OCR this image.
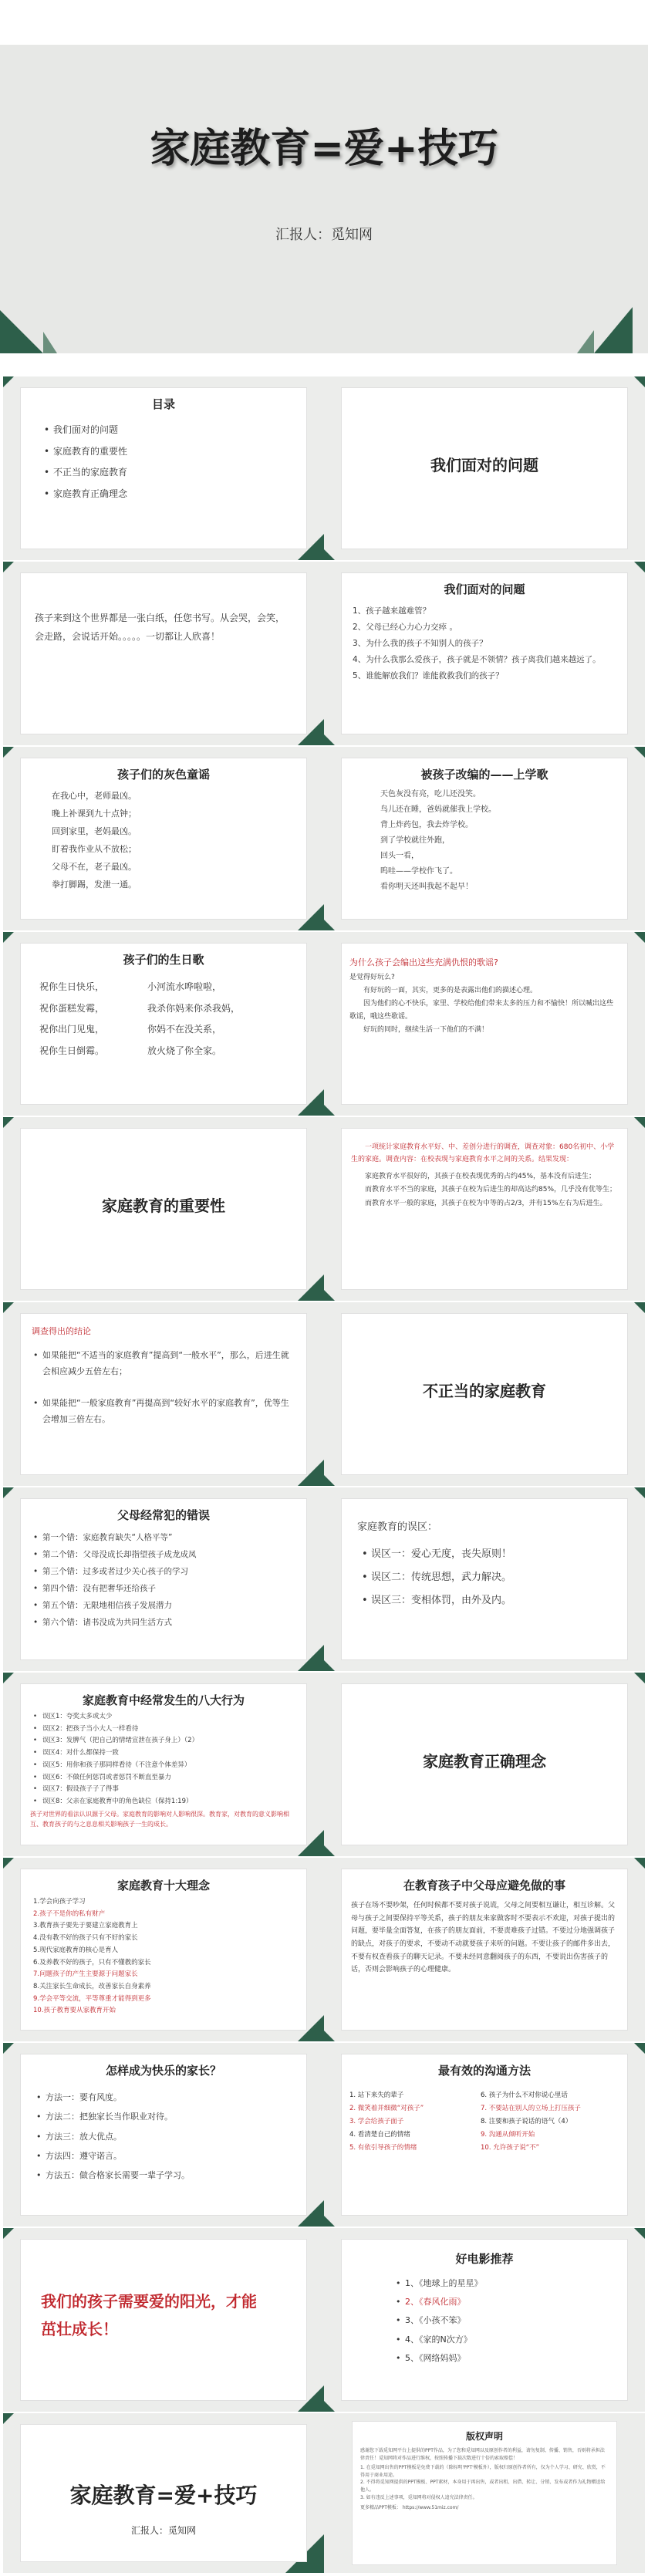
家庭教育=爱+技巧
汇报人：觅知网
目录
• 我们面对的问题
• 家庭教育的重要性
• 不正当的家庭教育
• 家庭教育正确理念
我们面对的问题
孩子来到这个世界都是一张白纸，任您书写。从会哭，会笑，会走路，会说话开始。。。。。一切都让人欣喜！
我们面对的问题
1、孩子越来越难管？
2、父母已经心力心力交瘁 。
3、为什么我的孩子不知别人的孩子？
4、为什么我那么爱孩子，孩子就是不领情？孩子离我们越来越远了。
5、谁能解放我们？谁能救救我们的孩子？
孩子们的灰色童谣
在我心中，老师最凶。
晚上补课到九十点钟；
回到家里，老妈最凶。
盯着我作业从不放松；
父母不在，老子最凶。
拳打脚踢，发泄一通。
被孩子改编的——上学歌
天色灰没有亮，吃儿还没笑。
鸟儿还在睡，爸妈就催我上学校。
背上炸药包，我去炸学校。
到了学校就往外跑，
回头一看，
呜哇——学校作飞了。
看你明天还叫我起不起早！
孩子们的生日歌
祝你生日快乐，
祝你蛋糕发霉，
祝你出门见鬼，
祝你生日倒霉。
小河流水哗啦啦，
我杀你妈来你杀我妈，
你妈不在没关系，
放火烧了你全家。
为什么孩子会编出这些充满仇恨的歌谣?
是觉得好玩么?
有好玩的一面，其实，更多的是表露出他们的描述心理。
因为他们的心不快乐，家里、学校给他们带来太多的压力和不愉快！所以喊出这些歌谣，哦这些歌谣。
好玩的同时，继续生活一下他们的不满！
家庭教育的重要性
一项统计家庭教育水平好、中、差创分进行的调查，调查对象：680名初中、小学生的家庭。调查内容：在校表现与家庭教育水平之间的关系。结果发现：
家庭教育水平很好的，其孩子在校表现优秀的占约45%，基本没有后进生；
而教育水平不当的家庭，其孩子在校为后进生的却高达约85%，几乎没有优等生；
而教育水平一般的家庭，其孩子在校为中等的占2/3，并有15%左右为后进生。
调查得出的结论
• 如果能把“不适当的家庭教育”提高到“一般水平”，那么，后进生就会相应减少五倍左右；
• 如果能把“一般家庭教育”再提高到“较好水平的家庭教育”，优等生会增加三倍左右。
不正当的家庭教育
父母经常犯的错误
• 第一个错：家庭教育缺失“人格平等”
• 第二个错：父母没成长却指望孩子成龙成凤
• 第三个错：过多或者过少关心孩子的学习
• 第四个错：没有把奢华还给孩子
• 第五个错：无限地相信孩子发展潜力
• 第六个错：诸书没成为共同生活方式
家庭教育的误区：
• 误区一：爱心无度，丧失原则！
• 误区二：传统思想，武力解决。
• 误区三：变相体罚，由外及内。
家庭教育中经常发生的八大行为
• 误区1：夸奖太多或太少
• 误区2：把孩子当小大人一样看待
• 误区3：发脾气（把自己的情绪宣泄在孩子身上）（2）
• 误区4：对什么都保持一致
• 误区5：用你和孩子那同样看待（不注意个体差异）
• 误区6：不做任何惩罚或者惩罚不断直至暴力
• 误区7：假设孩子子了得事
• 误区8：父亲在家庭教育中的角色缺位（保持1:19）
孩子对世界的看法认识源于父母。家庭教育的影响对人影响很深。教育家，对教育的意义影响相互、教育孩子的与之息息相关影响孩子一生的成长。
家庭教育正确理念
家庭教育十大理念
1.学会向孩子学习
2.孩子不是你的私有财产
3.教育孩子要先于要建立家庭教育上
4.没有教不好的孩子只有不好的家长
5.现代家庭教育的核心是育人
6.及养教不好的孩子，只有不懂教的家长
7.问题孩子的产生主要源于问题家长
8.关注家长生命成长，改善家长自身素养
9.学会平等交流，平等尊重才能得到更多
10.孩子教育要从家教育开始
在教育孩子中父母应避免做的事
孩子在场不要吵架，任何时候都不要对孩子说谎，父母之间要相互谦让，相互诊解。父母与孩子之间要保持平等关系，孩子的朋友来家做客时不要表示不欢迎，对孩子提出的问题，要毕量全面答复，在孩子的朋友面前，不要责难孩子过错。不要过分地强调孩子的缺点，对孩子的要求，不要动不动就要孩子来听的问题。不要让孩子的邮件多出去，不要有权查看孩子的聊天记录。不要未经同意翻阅孩子的东西，不要说出伤害孩子的话，否则会影响孩子的心理健康。
怎样成为快乐的家长？
• 方法一：要有风度。
• 方法二：把独家长当作职业对待。
• 方法三：放大优点。
• 方法四：遵守诺言。
• 方法五：做合格家长需要一辈子学习。
最有效的沟通方法
1. 站下来失的辈子
2. 微笑着并细微“对孩子”
3. 学会给孩子面子
4. 看清楚自己的情绪
5. 有依引导孩子的情绪
6. 孩子为什么不对你说心里话
7. 不要站在别人的立场上打压孩子
8. 注要和孩子说话的语气（4）
9. 沟通从倾听开始
10. 允许孩子说“不”
我们的孩子需要爱的阳光，才能茁壮成长！
好电影推荐
• 1、《地球上的星星》
• 2、《春风化雨》
• 3、《小孩不笨》
• 4、《家的N次方》
• 5、《网络妈妈》
家庭教育=爱+技巧
汇报人：觅知网
版权声明
感谢您下载觅知网平台上提供的PPT作品，为了您和觅知网以及原创作者的利益，请勿复制、传播、销售，否则将承担法律责任！觅知网将对作品进行维权，按照传播下载次数进行十倍的索取赔偿！
1. 在觅知网出售的PPT模板是免费下载的（除标明'PPT'模板外），版权归原创作者所有，仅为个人学习、研究、欣赏，不得用于商业用途。
2. 不得将觅知网提供的PPT模板、PPT素材，本身用于再出售，或者出租、出借、转让、分销、发布或者作为礼物赠送给他人。
3. 如有违反上述事项，觅知网将对侵权人追究法律责任。
更多精品PPT模板： https://www.51miz.com/
